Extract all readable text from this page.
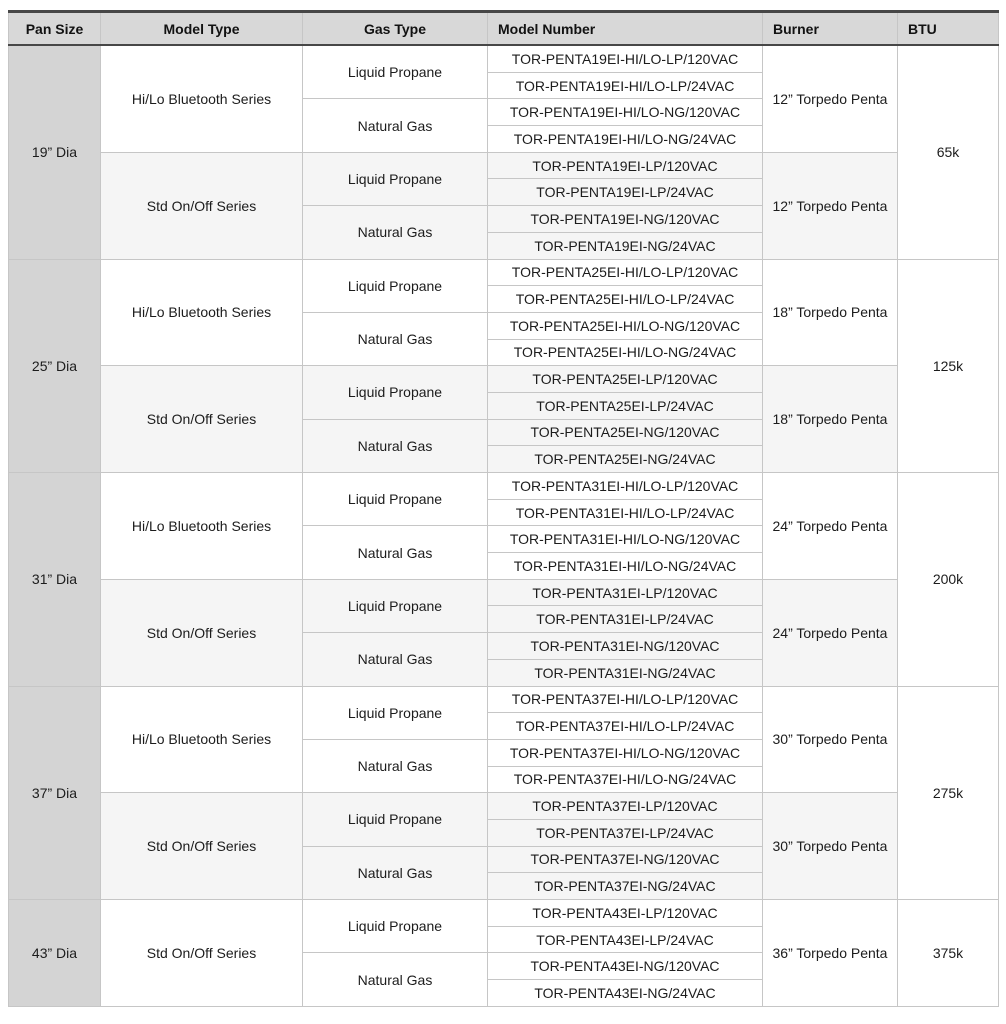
Pan Size	Model Type	Gas Type	Model Number	Burner	BTU
19” Dia	Hi/Lo Bluetooth Series	Liquid Propane	TOR-PENTA19EI-HI/LO-LP/120VAC	12” Torpedo Penta	65k
			TOR-PENTA19EI-HI/LO-LP/24VAC		
		Natural Gas	TOR-PENTA19EI-HI/LO-NG/120VAC		
			TOR-PENTA19EI-HI/LO-NG/24VAC		
	Std On/Off Series	Liquid Propane	TOR-PENTA19EI-LP/120VAC	12” Torpedo Penta	
			TOR-PENTA19EI-LP/24VAC		
		Natural Gas	TOR-PENTA19EI-NG/120VAC		
			TOR-PENTA19EI-NG/24VAC		
25” Dia	Hi/Lo Bluetooth Series	Liquid Propane	TOR-PENTA25EI-HI/LO-LP/120VAC	18” Torpedo Penta	125k
			TOR-PENTA25EI-HI/LO-LP/24VAC		
		Natural Gas	TOR-PENTA25EI-HI/LO-NG/120VAC		
			TOR-PENTA25EI-HI/LO-NG/24VAC		
	Std On/Off Series	Liquid Propane	TOR-PENTA25EI-LP/120VAC	18” Torpedo Penta	
			TOR-PENTA25EI-LP/24VAC		
		Natural Gas	TOR-PENTA25EI-NG/120VAC		
			TOR-PENTA25EI-NG/24VAC		
31” Dia	Hi/Lo Bluetooth Series	Liquid Propane	TOR-PENTA31EI-HI/LO-LP/120VAC	24” Torpedo Penta	200k
			TOR-PENTA31EI-HI/LO-LP/24VAC		
		Natural Gas	TOR-PENTA31EI-HI/LO-NG/120VAC		
			TOR-PENTA31EI-HI/LO-NG/24VAC		
	Std On/Off Series	Liquid Propane	TOR-PENTA31EI-LP/120VAC	24” Torpedo Penta	
			TOR-PENTA31EI-LP/24VAC		
		Natural Gas	TOR-PENTA31EI-NG/120VAC		
			TOR-PENTA31EI-NG/24VAC		
37” Dia	Hi/Lo Bluetooth Series	Liquid Propane	TOR-PENTA37EI-HI/LO-LP/120VAC	30” Torpedo Penta	275k
			TOR-PENTA37EI-HI/LO-LP/24VAC		
		Natural Gas	TOR-PENTA37EI-HI/LO-NG/120VAC		
			TOR-PENTA37EI-HI/LO-NG/24VAC		
	Std On/Off Series	Liquid Propane	TOR-PENTA37EI-LP/120VAC	30” Torpedo Penta	
			TOR-PENTA37EI-LP/24VAC		
		Natural Gas	TOR-PENTA37EI-NG/120VAC		
			TOR-PENTA37EI-NG/24VAC		
43” Dia	Std On/Off Series	Liquid Propane	TOR-PENTA43EI-LP/120VAC	36” Torpedo Penta	375k
			TOR-PENTA43EI-LP/24VAC		
		Natural Gas	TOR-PENTA43EI-NG/120VAC		
			TOR-PENTA43EI-NG/24VAC		
